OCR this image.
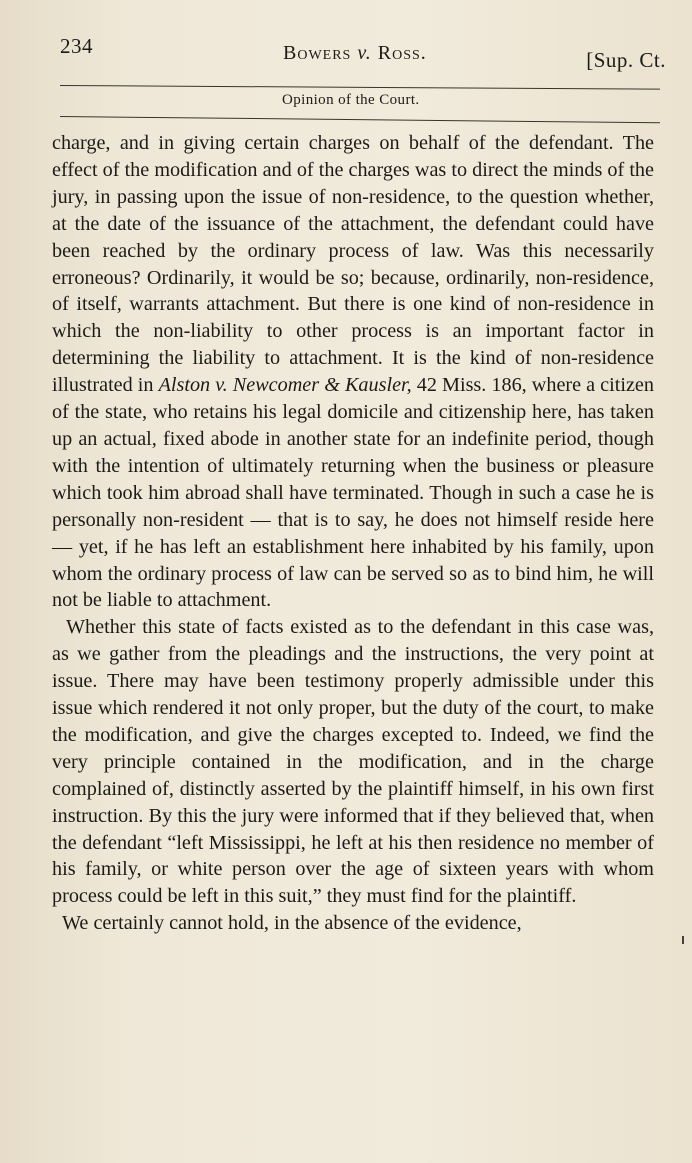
234	Bowers v. Ross.	[Sup. Ct.
Opinion of the Court.

charge, and in giving certain charges on behalf of the defendant. The effect of the modification and of the charges was to direct the minds of the jury, in passing upon the issue of non-residence, to the question whether, at the date of the issuance of the attachment, the defendant could have been reached by the ordinary process of law. Was this necessarily erroneous? Ordinarily, it would be so; because, ordinarily, non-residence, of itself, warrants attachment. But there is one kind of non-residence in which the non-liability to other process is an important factor in determining the liability to attachment. It is the kind of non-residence illustrated in Alston v. Newcomer & Kausler, 42 Miss. 186, where a citizen of the state, who retains his legal domicile and citizenship here, has taken up an actual, fixed abode in another state for an indefinite period, though with the intention of ultimately returning when the business or pleasure which took him abroad shall have terminated. Though in such a case he is personally non-resident — that is to say, he does not himself reside here — yet, if he has left an establishment here inhabited by his family, upon whom the ordinary process of law can be served so as to bind him, he will not be liable to attachment.

Whether this state of facts existed as to the defendant in this case was, as we gather from the pleadings and the instructions, the very point at issue. There may have been testimony properly admissible under this issue which rendered it not only proper, but the duty of the court, to make the modification, and give the charges excepted to. Indeed, we find the very principle contained in the modification, and in the charge complained of, distinctly asserted by the plaintiff himself, in his own first instruction. By this the jury were informed that if they believed that, when the defendant “left Mississippi, he left at his then residence no member of his family, or white person over the age of sixteen years with whom process could be left in this suit,” they must find for the plaintiff.

We certainly cannot hold, in the absence of the evidence,
